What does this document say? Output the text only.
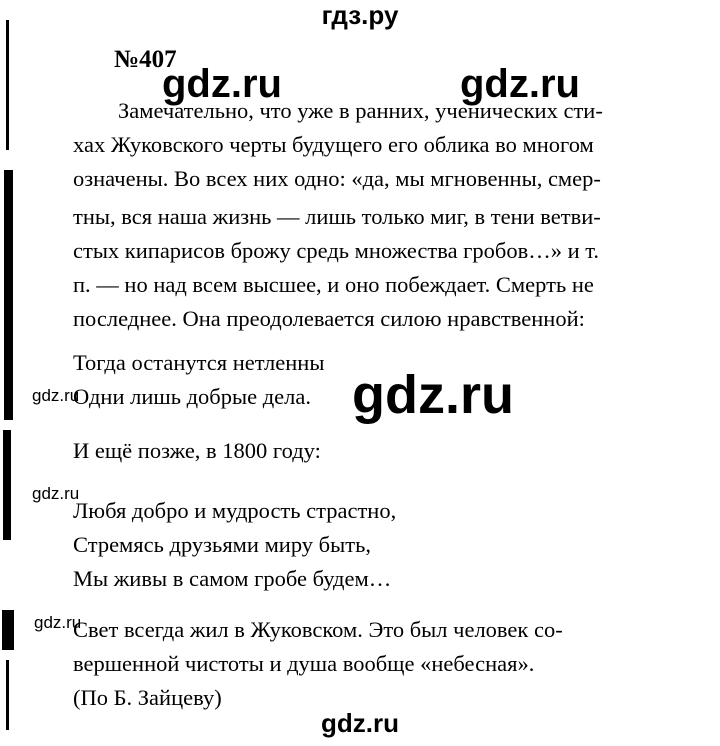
гдз.ру
№407
gdz.ru	gdz.ru
gdz.ru
gdz.ru
gdz.ru
gdz.ru

Замечательно, что уже в ранних, ученических сти-

хах Жуковского черты будущего его облика во многом

означены. Во всех них одно: «да, мы мгновенны, смер-

тны, вся наша жизнь — лишь только миг, в тени ветви-

стых кипарисов брожу средь множества гробов…» и т.

п. — но над всем высшее, и оно побеждает. Смерть не

последнее. Она преодолевается силою нравственной:

Тогда останутся нетленны
Одни лишь добрые дела.
И ещё позже, в 1800 году:
Любя добро и мудрость страстно,
Стремясь друзьями миру быть,
Мы живы в самом гробе будем…

Свет всегда жил в Жуковском. Это был человек со-

вершенной чистоты и душа вообще «небесная».

(По Б. Зайцеву)

gdz.ru
